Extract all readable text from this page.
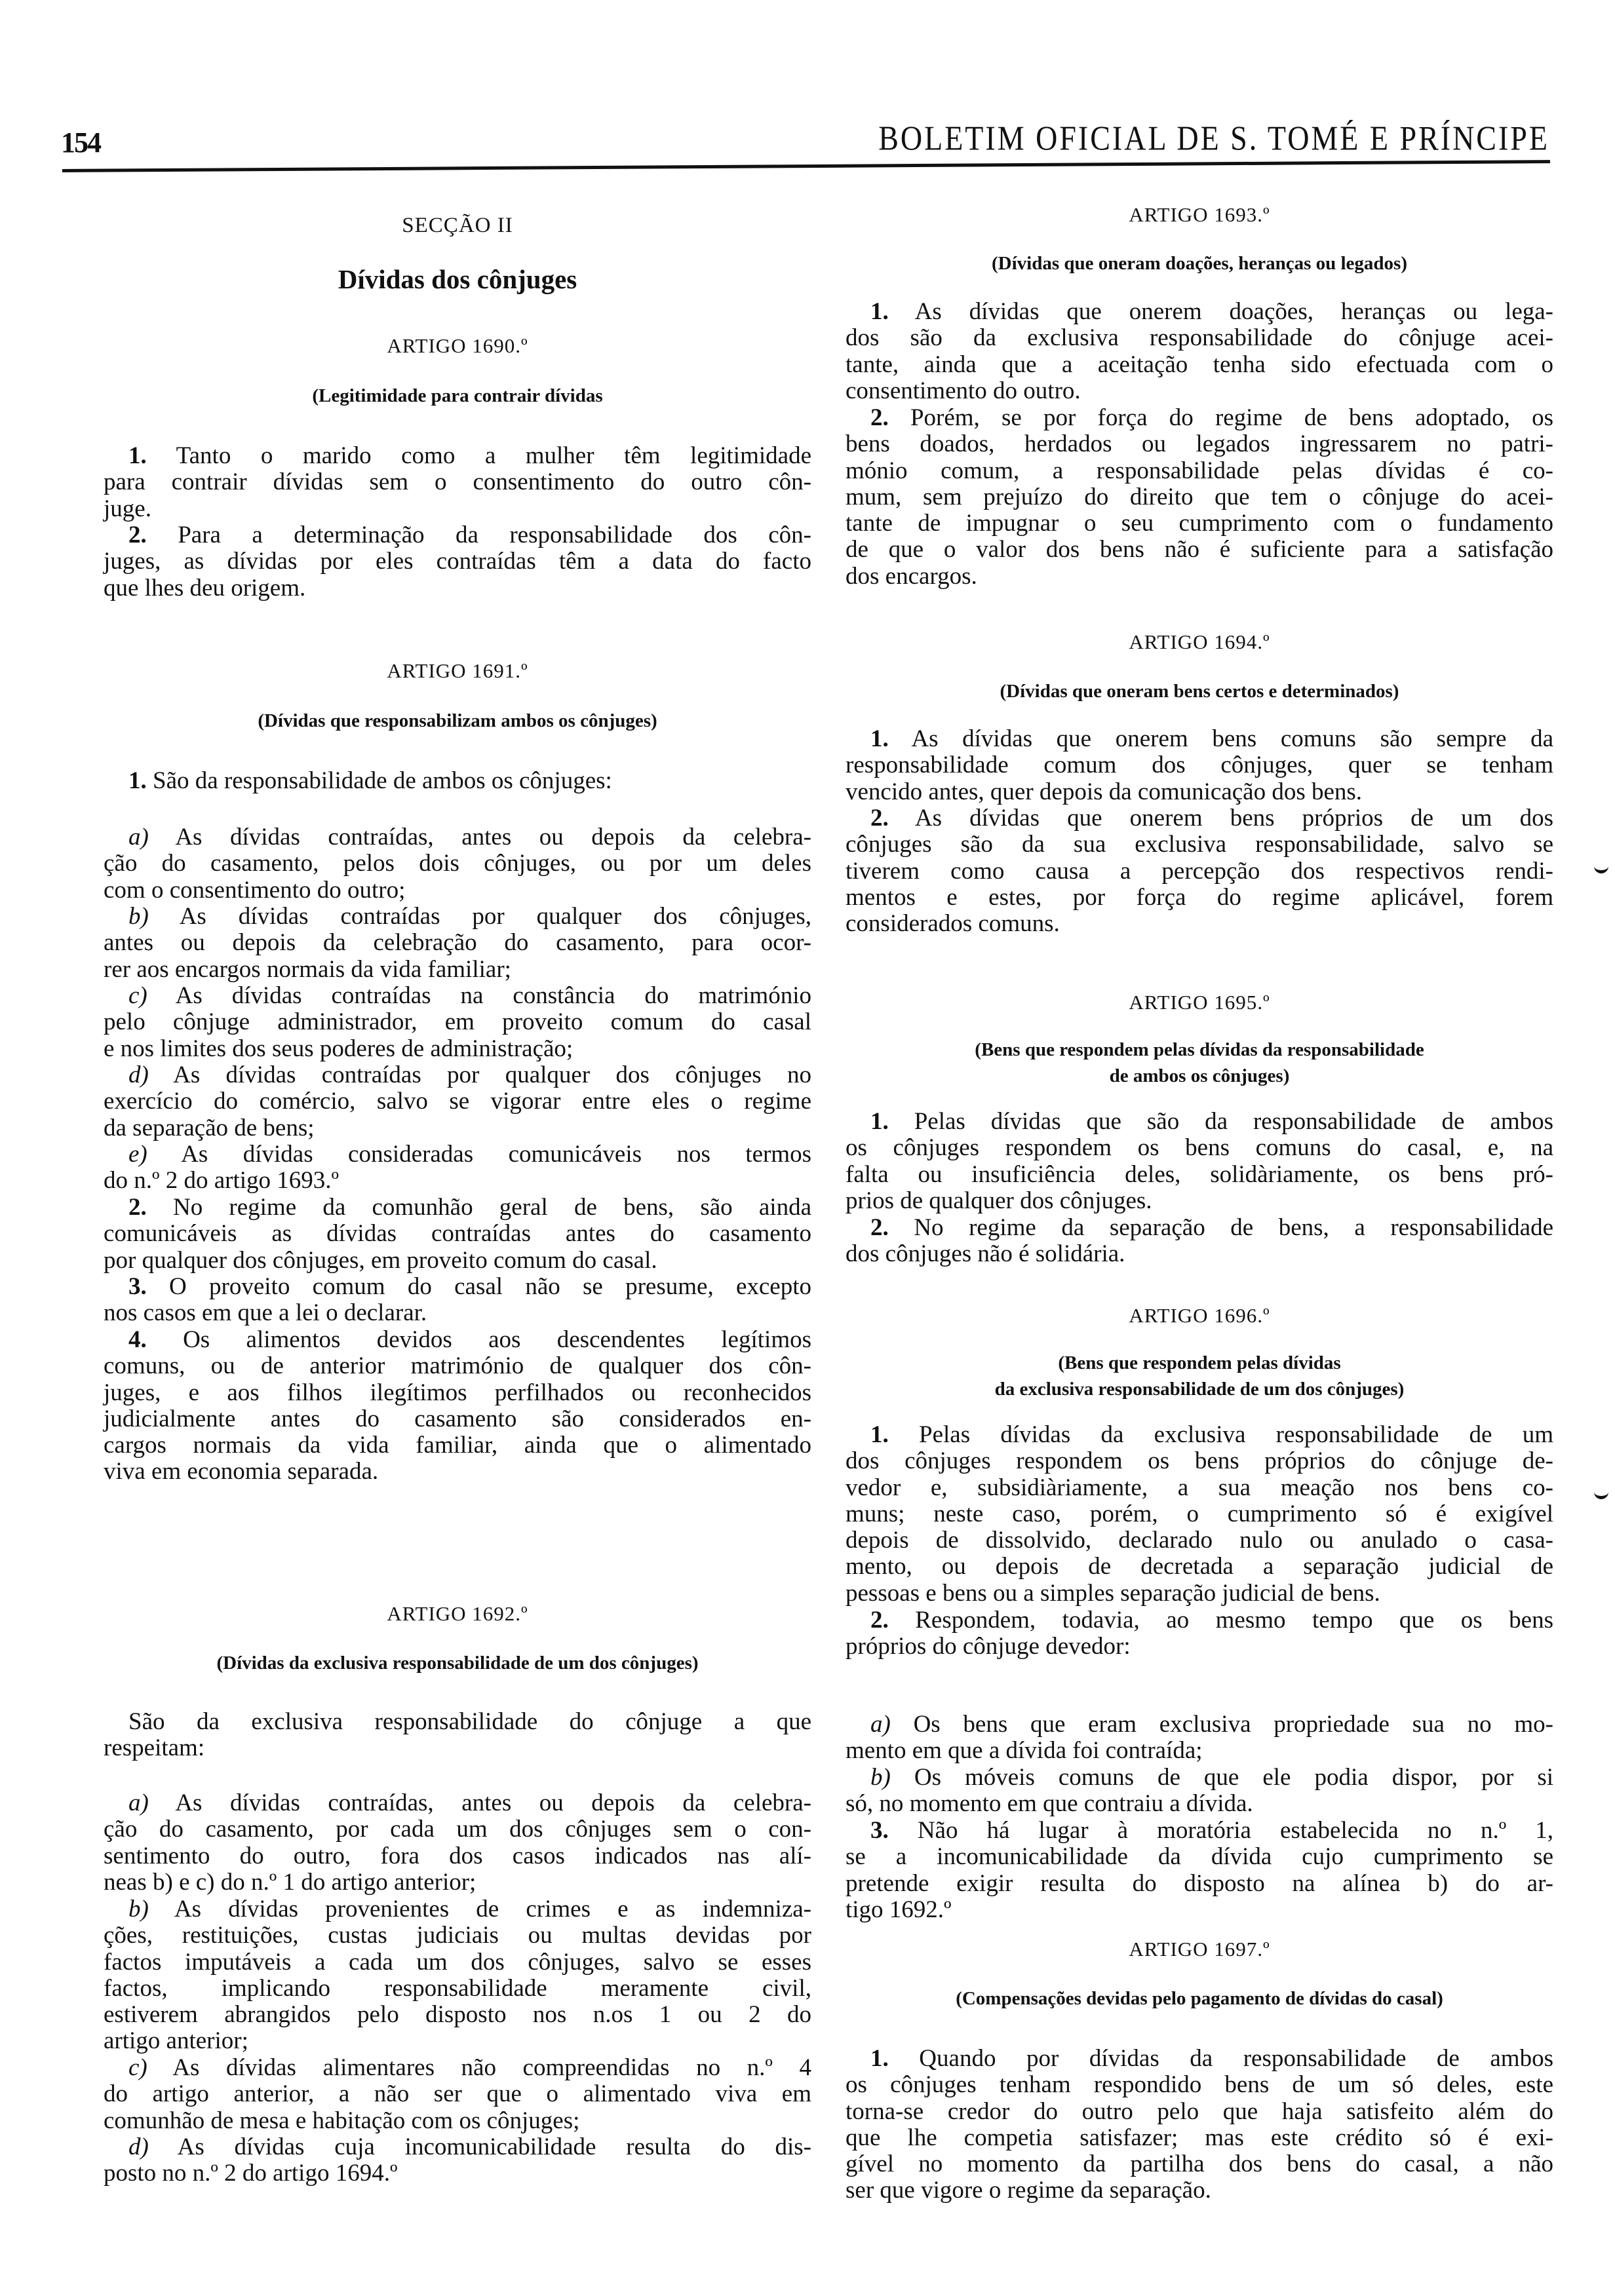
154	BOLETIM OFICIAL DE S. TOMÉ E PRÍNCIPE
SECÇÃO II
Dívidas dos cônjuges
ARTIGO 1690.º
(Legitimidade para contrair dívidas
1. Tanto o marido como a mulher têm legitimidade
para contrair dívidas sem o consentimento do outro côn-
juge.
2. Para a determinação da responsabilidade dos côn-
juges, as dívidas por eles contraídas têm a data do facto
que lhes deu origem.
ARTIGO 1691.º
(Dívidas que responsabilizam ambos os cônjuges)
1. São da responsabilidade de ambos os cônjuges:
a) As dívidas contraídas, antes ou depois da celebra-
ção do casamento, pelos dois cônjuges, ou por um deles
com o consentimento do outro;
b) As dívidas contraídas por qualquer dos cônjuges,
antes ou depois da celebração do casamento, para ocor-
rer aos encargos normais da vida familiar;
c) As dívidas contraídas na constância do matrimónio
pelo cônjuge administrador, em proveito comum do casal
e nos limites dos seus poderes de administração;
d) As dívidas contraídas por qualquer dos cônjuges no
exercício do comércio, salvo se vigorar entre eles o regime
da separação de bens;
e) As dívidas consideradas comunicáveis nos termos
do n.º 2 do artigo 1693.º
2. No regime da comunhão geral de bens, são ainda
comunicáveis as dívidas contraídas antes do casamento
por qualquer dos cônjuges, em proveito comum do casal.
3. O proveito comum do casal não se presume, excepto
nos casos em que a lei o declarar.
4. Os alimentos devidos aos descendentes legítimos
comuns, ou de anterior matrimónio de qualquer dos côn-
juges, e aos filhos ilegítimos perfilhados ou reconhecidos
judicialmente antes do casamento são considerados en-
cargos normais da vida familiar, ainda que o alimentado
viva em economia separada.
ARTIGO 1692.º
(Dívidas da exclusiva responsabilidade de um dos cônjuges)
São da exclusiva responsabilidade do cônjuge a que
respeitam:
a) As dívidas contraídas, antes ou depois da celebra-
ção do casamento, por cada um dos cônjuges sem o con-
sentimento do outro, fora dos casos indicados nas alí-
neas b) e c) do n.º 1 do artigo anterior;
b) As dívidas provenientes de crimes e as indemniza-
ções, restituições, custas judiciais ou multas devidas por
factos imputáveis a cada um dos cônjuges, salvo se esses
factos, implicando responsabilidade meramente civil,
estiverem abrangidos pelo disposto nos n.os 1 ou 2 do
artigo anterior;
c) As dívidas alimentares não compreendidas no n.º 4
do artigo anterior, a não ser que o alimentado viva em
comunhão de mesa e habitação com os cônjuges;
d) As dívidas cuja incomunicabilidade resulta do dis-
posto no n.º 2 do artigo 1694.º
ARTIGO 1693.º
(Dívidas que oneram doações, heranças ou legados)
1. As dívidas que onerem doações, heranças ou lega-
dos são da exclusiva responsabilidade do cônjuge acei-
tante, ainda que a aceitação tenha sido efectuada com o
consentimento do outro.
2. Porém, se por força do regime de bens adoptado, os
bens doados, herdados ou legados ingressarem no patri-
mónio comum, a responsabilidade pelas dívidas é co-
mum, sem prejuízo do direito que tem o cônjuge do acei-
tante de impugnar o seu cumprimento com o fundamento
de que o valor dos bens não é suficiente para a satisfação
dos encargos.
ARTIGO 1694.º
(Dívidas que oneram bens certos e determinados)
1. As dívidas que onerem bens comuns são sempre da
responsabilidade comum dos cônjuges, quer se tenham
vencido antes, quer depois da comunicação dos bens.
2. As dívidas que onerem bens próprios de um dos
cônjuges são da sua exclusiva responsabilidade, salvo se
tiverem como causa a percepção dos respectivos rendi-
mentos e estes, por força do regime aplicável, forem
considerados comuns.
ARTIGO 1695.º
(Bens que respondem pelas dívidas da responsabilidade
de ambos os cônjuges)
1. Pelas dívidas que são da responsabilidade de ambos
os cônjuges respondem os bens comuns do casal, e, na
falta ou insuficiência deles, solidàriamente, os bens pró-
prios de qualquer dos cônjuges.
2. No regime da separação de bens, a responsabilidade
dos cônjuges não é solidária.
ARTIGO 1696.º
(Bens que respondem pelas dívidas
da exclusiva responsabilidade de um dos cônjuges)
1. Pelas dívidas da exclusiva responsabilidade de um
dos cônjuges respondem os bens próprios do cônjuge de-
vedor e, subsidiàriamente, a sua meação nos bens co-
muns; neste caso, porém, o cumprimento só é exigível
depois de dissolvido, declarado nulo ou anulado o casa-
mento, ou depois de decretada a separação judicial de
pessoas e bens ou a simples separação judicial de bens.
2. Respondem, todavia, ao mesmo tempo que os bens
próprios do cônjuge devedor:
a) Os bens que eram exclusiva propriedade sua no mo-
mento em que a dívida foi contraída;
b) Os móveis comuns de que ele podia dispor, por si
só, no momento em que contraiu a dívida.
3. Não há lugar à moratória estabelecida no n.º 1,
se a incomunicabilidade da dívida cujo cumprimento se
pretende exigir resulta do disposto na alínea b) do ar-
tigo 1692.º
ARTIGO 1697.º
(Compensações devidas pelo pagamento de dívidas do casal)
1. Quando por dívidas da responsabilidade de ambos
os cônjuges tenham respondido bens de um só deles, este
torna-se credor do outro pelo que haja satisfeito além do
que lhe competia satisfazer; mas este crédito só é exi-
gível no momento da partilha dos bens do casal, a não
ser que vigore o regime da separação.
